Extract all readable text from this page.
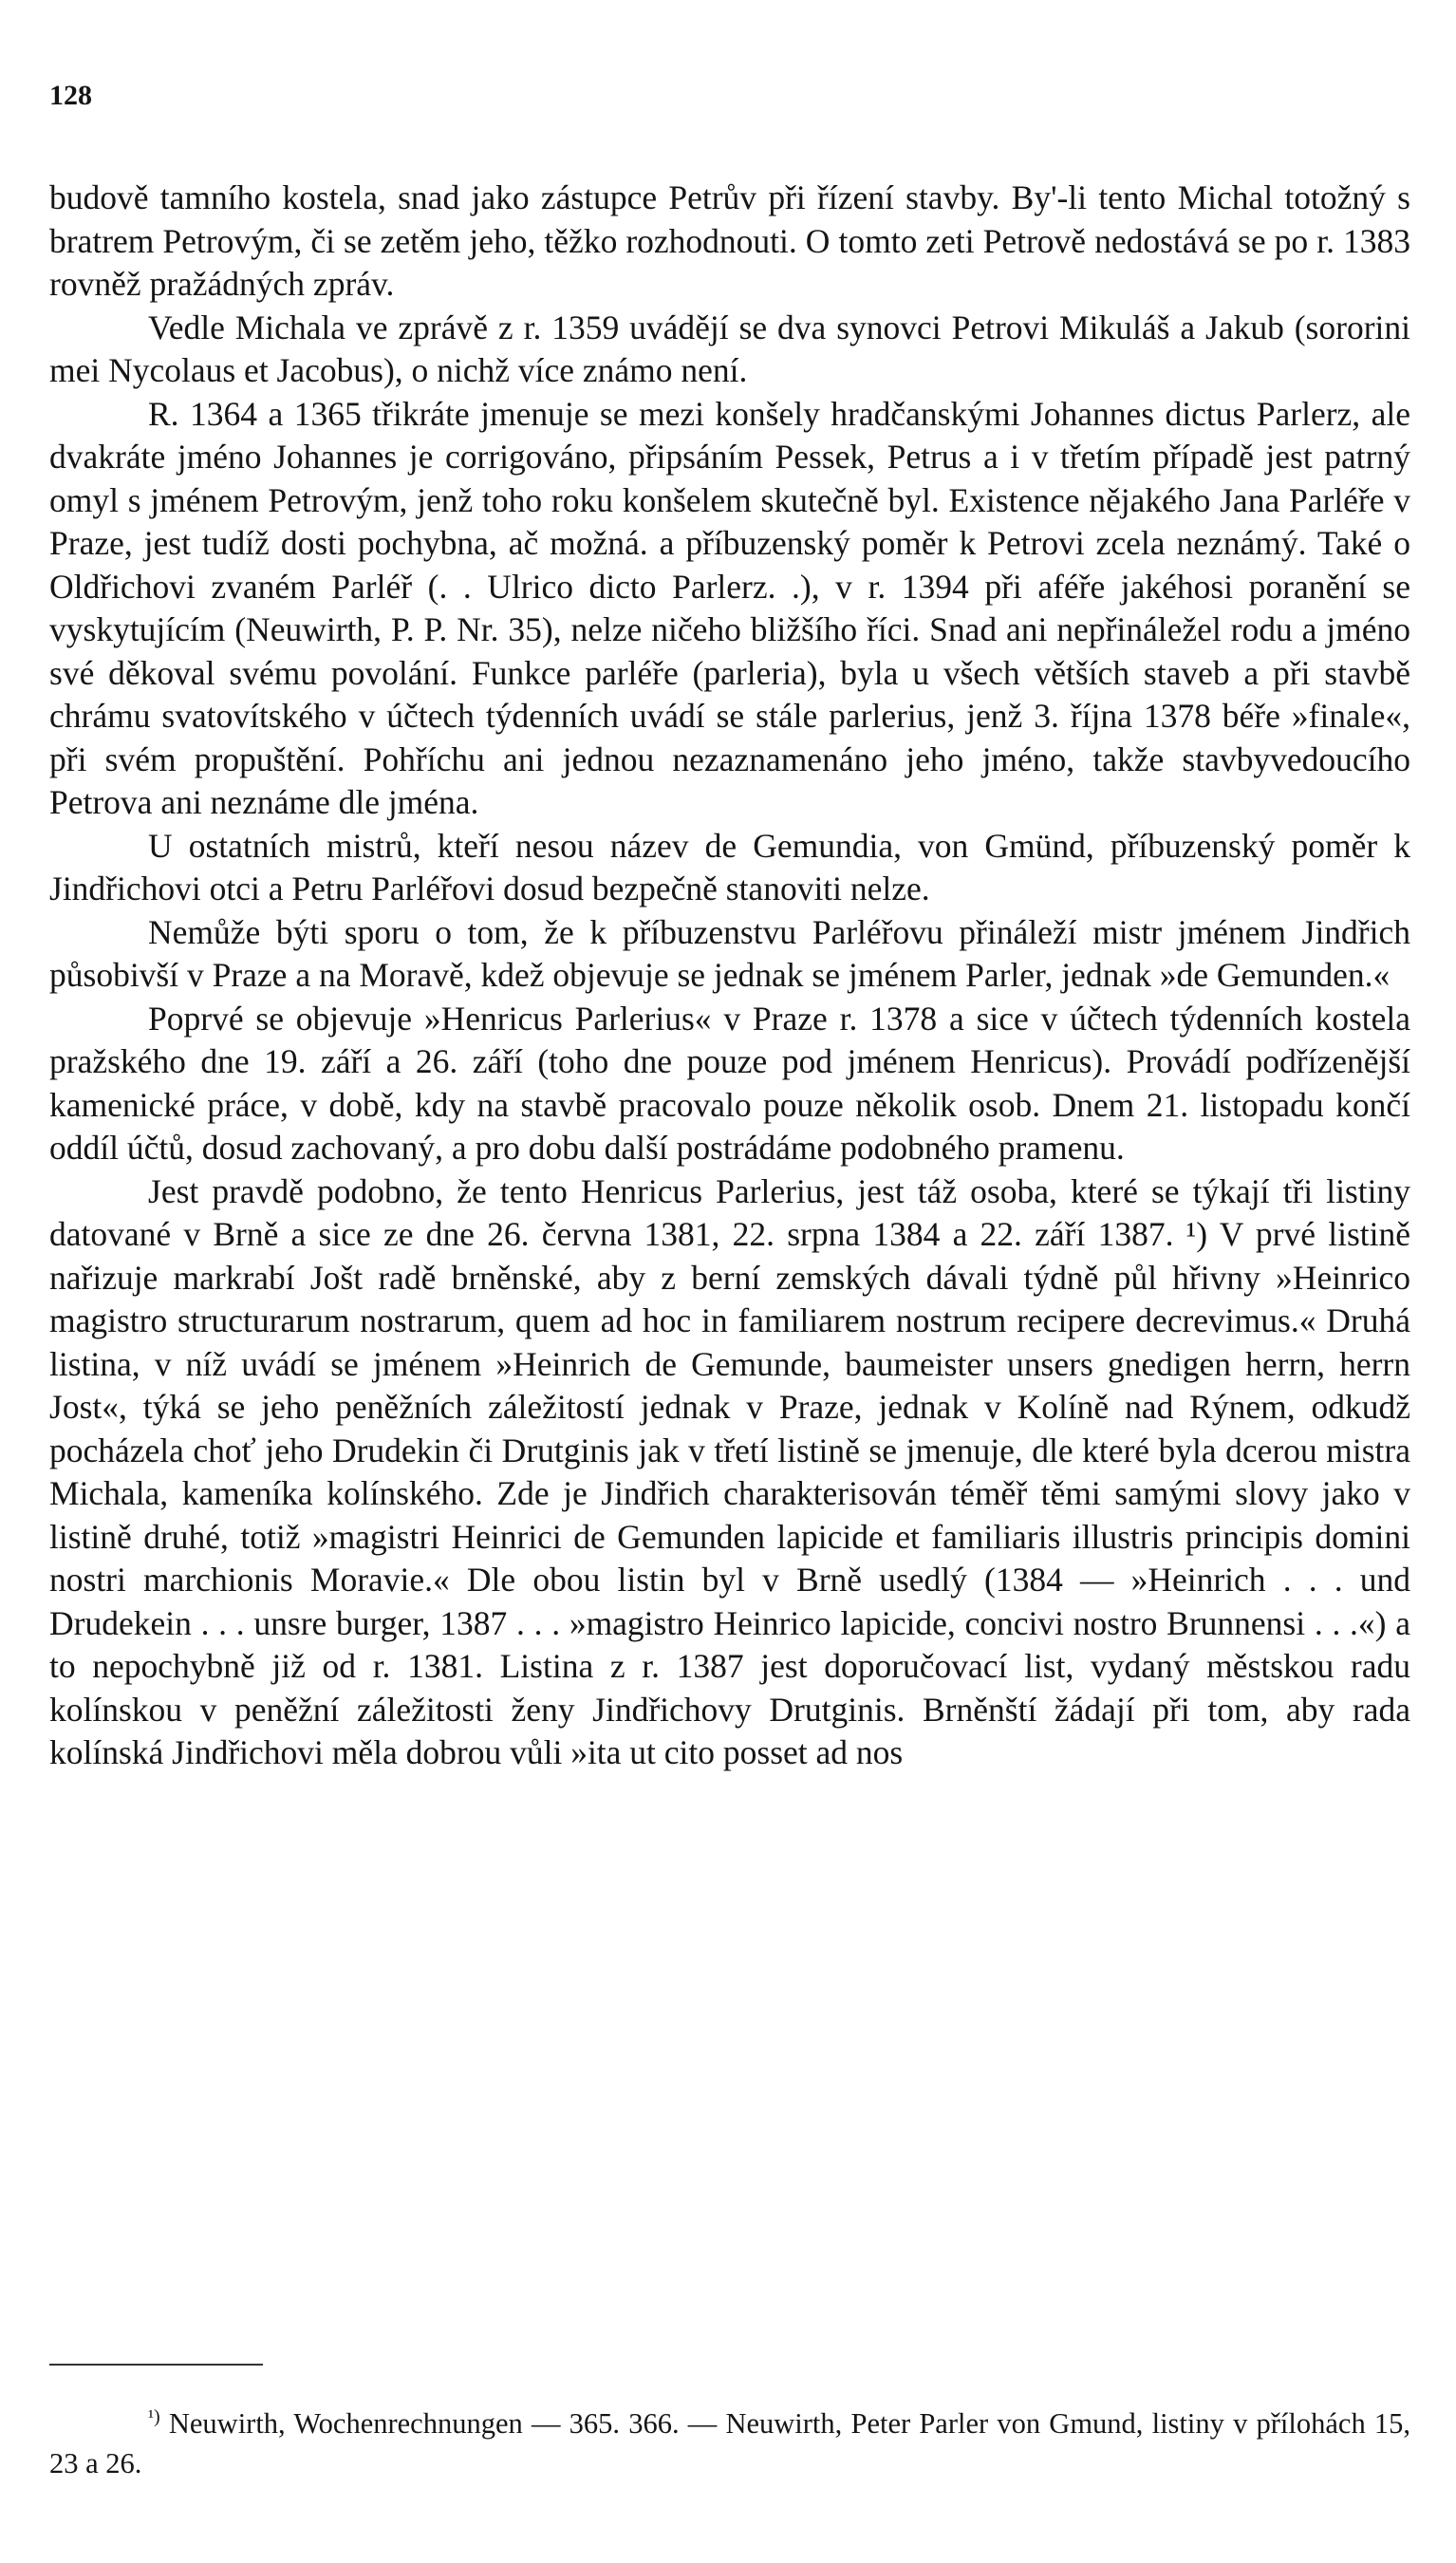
128

budově tamního kostela, snad jako zástupce Petrův při řízení stavby. By'-li tento Michal totožný s bratrem Petrovým, či se zetěm jeho, těžko rozhodnouti. O tomto zeti Petrově nedostává se po r. 1383 rovněž pražádných zpráv.

Vedle Michala ve zprávě z r. 1359 uvádějí se dva synovci Petrovi Mikuláš a Jakub (sororini mei Nycolaus et Jacobus), o nichž více známo není.

R. 1364 a 1365 třikráte jmenuje se mezi konšely hradčanskými Johannes dictus Parlerz, ale dvakráte jméno Johannes je corrigováno, připsáním Pessek, Petrus a i v třetím případě jest patrný omyl s jménem Petrovým, jenž toho roku konšelem skutečně byl. Existence nějakého Jana Parléře v Praze, jest tudíž dosti pochybna, ač možná. a příbuzenský poměr k Petrovi zcela neznámý. Také o Oldřichovi zvaném Parléř (. . Ulrico dicto Parlerz. .), v r. 1394 při aféře jakéhosi poranění se vyskytujícím (Neuwirth, P. P. Nr. 35), nelze ničeho bližšího říci. Snad ani nepřináležel rodu a jméno své děkoval svému povolání. Funkce parléře (parleria), byla u všech větších staveb a při stavbě chrámu svatovítského v účtech týdenních uvádí se stále parlerius, jenž 3. října 1378 béře »finale«, při svém propuštění. Pohříchu ani jednou nezaznamenáno jeho jméno, takže stavbyvedoucího Petrova ani neznáme dle jména.

U ostatních mistrů, kteří nesou název de Gemundia, von Gmünd, příbuzenský poměr k Jindřichovi otci a Petru Parléřovi dosud bezpečně stanoviti nelze.

Nemůže býti sporu o tom, že k příbuzenstvu Parléřovu přináleží mistr jménem Jindřich působivší v Praze a na Moravě, kdež objevuje se jednak se jménem Parler, jednak »de Gemunden.«

Poprvé se objevuje »Henricus Parlerius« v Praze r. 1378 a sice v účtech týdenních kostela pražského dne 19. září a 26. září (toho dne pouze pod jménem Henricus). Provádí podřízenější kamenické práce, v době, kdy na stavbě pracovalo pouze několik osob. Dnem 21. listopadu končí oddíl účtů, dosud zachovaný, a pro dobu další postrádáme podobného pramenu.

Jest pravdě podobno, že tento Henricus Parlerius, jest táž osoba, které se týkají tři listiny datované v Brně a sice ze dne 26. června 1381, 22. srpna 1384 a 22. září 1387. ¹) V prvé listině nařizuje markrabí Jošt radě brněnské, aby z berní zemských dávali týdně půl hřivny »Heinrico magistro structurarum nostrarum, quem ad hoc in familiarem nostrum recipere decrevimus.« Druhá listina, v níž uvádí se jménem »Heinrich de Gemunde, baumeister unsers gnedigen herrn, herrn Jost«, týká se jeho peněžních záležitostí jednak v Praze, jednak v Kolíně nad Rýnem, odkudž pocházela choť jeho Drudekin či Drutginis jak v třetí listině se jmenuje, dle které byla dcerou mistra Michala, kameníka kolínského. Zde je Jindřich charakterisován téměř těmi samými slovy jako v listině druhé, totiž »magistri Heinrici de Gemunden lapicide et familiaris illustris principis domini nostri marchionis Moravie.« Dle obou listin byl v Brně usedlý (1384 — »Heinrich . . . und Drudekein . . . unsre burger, 1387 . . . »magistro Heinrico lapicide, concivi nostro Brunnensi . . .«) a to nepochybně již od r. 1381. Listina z r. 1387 jest doporučovací list, vydaný městskou radu kolínskou v peněžní záležitosti ženy Jindřichovy Drutginis. Brněnští žádají při tom, aby rada kolínská Jindřichovi měla dobrou vůli »ita ut cito posset ad nos

$^{^1)}$ Neuwirth, Wochenrechnungen — 365. 366. — Neuwirth, Peter Parler von Gmund, listiny v přílohách 15, 23 a 26.
